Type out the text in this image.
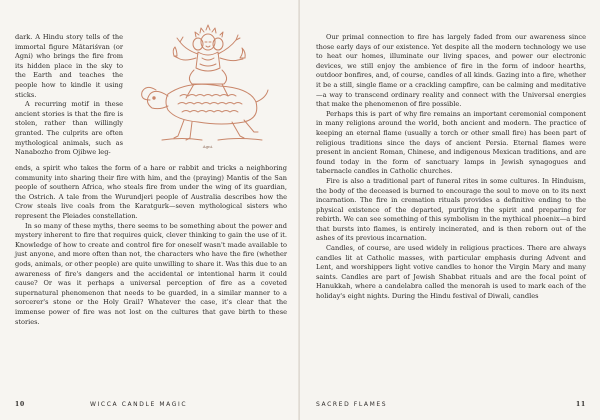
dark. A Hindu story tells of the immortal figure Mātariśvan (or Agni) who brings the fire from its hidden place in the sky to the Earth and teaches the people how to kindle it using sticks.

A recurring motif in these ancient stories is that the fire is stolen, rather than willingly granted. The culprits are often mythological animals, such as Nanabozho from Ojibwe leg-

Agni.

ends, a spirit who takes the form of a hare or rabbit and tricks a neighboring community into sharing their fire with him, and the (praying) Mantis of the San people of southern Africa, who steals fire from under the wing of its guardian, the Ostrich. A tale from the Wurundjeri people of Australia describes how the Crow steals live coals from the Karatgurk—seven mythological sisters who represent the Pleiades constellation.

In so many of these myths, there seems to be something about the power and mystery inherent to fire that requires quick, clever thinking to gain the use of it. Knowledge of how to create and control fire for oneself wasn't made available to just anyone, and more often than not, the characters who have the fire (whether gods, animals, or other people) are quite unwilling to share it. Was this due to an awareness of fire's dangers and the accidental or intentional harm it could cause? Or was it perhaps a universal perception of fire as a coveted supernatural phenomenon that needs to be guarded, in a similar manner to a sorcerer's stone or the Holy Grail? Whatever the case, it's clear that the immense power of fire was not lost on the cultures that gave birth to these stories.

10	WICCA CANDLE MAGIC

Our primal connection to fire has largely faded from our awareness since those early days of our existence. Yet despite all the modern technology we use to heat our homes, illuminate our living spaces, and power our electronic devices, we still enjoy the ambience of fire in the form of indoor hearths, outdoor bonfires, and, of course, candles of all kinds. Gazing into a fire, whether it be a still, single flame or a crackling campfire, can be calming and meditative—a way to transcend ordinary reality and connect with the Universal energies that make the phenomenon of fire possible.

Perhaps this is part of why fire remains an important ceremonial component in many religions around the world, both ancient and modern. The practice of keeping an eternal flame (usually a torch or other small fire) has been part of religious traditions since the days of ancient Persia. Eternal flames were present in ancient Roman, Chinese, and indigenous Mexican traditions, and are found today in the form of sanctuary lamps in Jewish synagogues and tabernacle candles in Catholic churches.

Fire is also a traditional part of funeral rites in some cultures. In Hinduism, the body of the deceased is burned to encourage the soul to move on to its next incarnation. The fire in cremation rituals provides a definitive ending to the physical existence of the departed, purifying the spirit and preparing for rebirth. We can see something of this symbolism in the mythical phoenix—a bird that bursts into flames, is entirely incinerated, and is then reborn out of the ashes of its previous incarnation.

Candles, of course, are used widely in religious practices. There are always candles lit at Catholic masses, with particular emphasis during Advent and Lent, and worshippers light votive candles to honor the Virgin Mary and many saints. Candles are part of Jewish Shabbat rituals and are the focal point of Hanukkah, where a candelabra called the menorah is used to mark each of the holiday's eight nights. During the Hindu festival of Diwali, candles

SACRED FLAMES	11
